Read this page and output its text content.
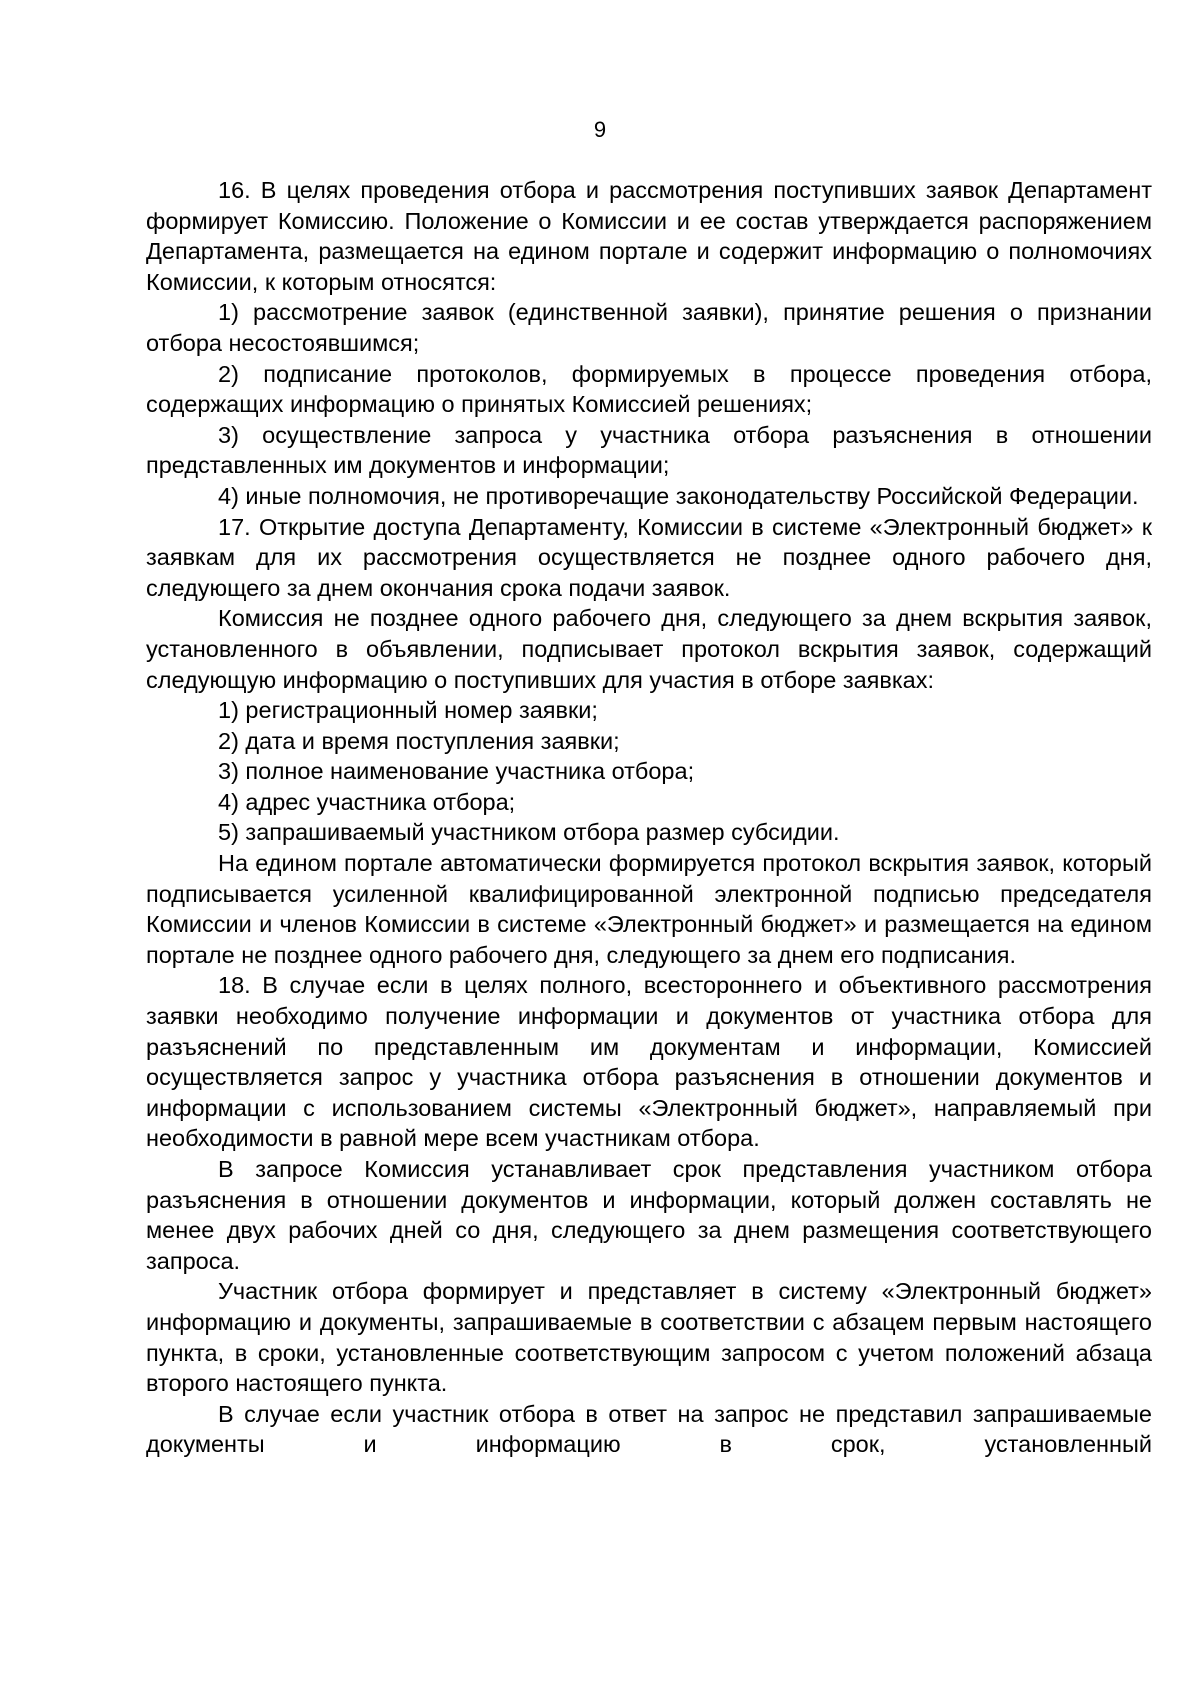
9

16. В целях проведения отбора и рассмотрения поступивших заявок Департамент формирует Комиссию. Положение о Комиссии и ее состав утверждается распоряжением Департамента, размещается на едином портале и содержит информацию о полномочиях Комиссии, к которым относятся:

1) рассмотрение заявок (единственной заявки), принятие решения о признании отбора несостоявшимся;

2) подписание протоколов, формируемых в процессе проведения отбора, содержащих информацию о принятых Комиссией решениях;

3) осуществление запроса у участника отбора разъяснения в отношении представленных им документов и информации;

4) иные полномочия, не противоречащие законодательству Российской Федерации.

17. Открытие доступа Департаменту, Комиссии в системе «Электронный бюджет» к заявкам для их рассмотрения осуществляется не позднее одного рабочего дня, следующего за днем окончания срока подачи заявок.

Комиссия не позднее одного рабочего дня, следующего за днем вскрытия заявок, установленного в объявлении, подписывает протокол вскрытия заявок, содержащий следующую информацию о поступивших для участия в отборе заявках:

1) регистрационный номер заявки;

2) дата и время поступления заявки;

3) полное наименование участника отбора;

4) адрес участника отбора;

5) запрашиваемый участником отбора размер субсидии.

На едином портале автоматически формируется протокол вскрытия заявок, который подписывается усиленной квалифицированной электронной подписью председателя Комиссии и членов Комиссии в системе «Электронный бюджет» и размещается на едином портале не позднее одного рабочего дня, следующего за днем его подписания.

18. В случае если в целях полного, всестороннего и объективного рассмотрения заявки необходимо получение информации и документов от участника отбора для разъяснений по представленным им документам и информации, Комиссией осуществляется запрос у участника отбора разъяснения в отношении документов и информации с использованием системы «Электронный бюджет», направляемый при необходимости в равной мере всем участникам отбора.

В запросе Комиссия устанавливает срок представления участником отбора разъяснения в отношении документов и информации, который должен составлять не менее двух рабочих дней со дня, следующего за днем размещения соответствующего запроса.

Участник отбора формирует и представляет в систему «Электронный бюджет» информацию и документы, запрашиваемые в соответствии с абзацем первым настоящего пункта, в сроки, установленные соответствующим запросом с учетом положений абзаца второго настоящего пункта.

В случае если участник отбора в ответ на запрос не представил запрашиваемые документы и информацию в срок, установленный
